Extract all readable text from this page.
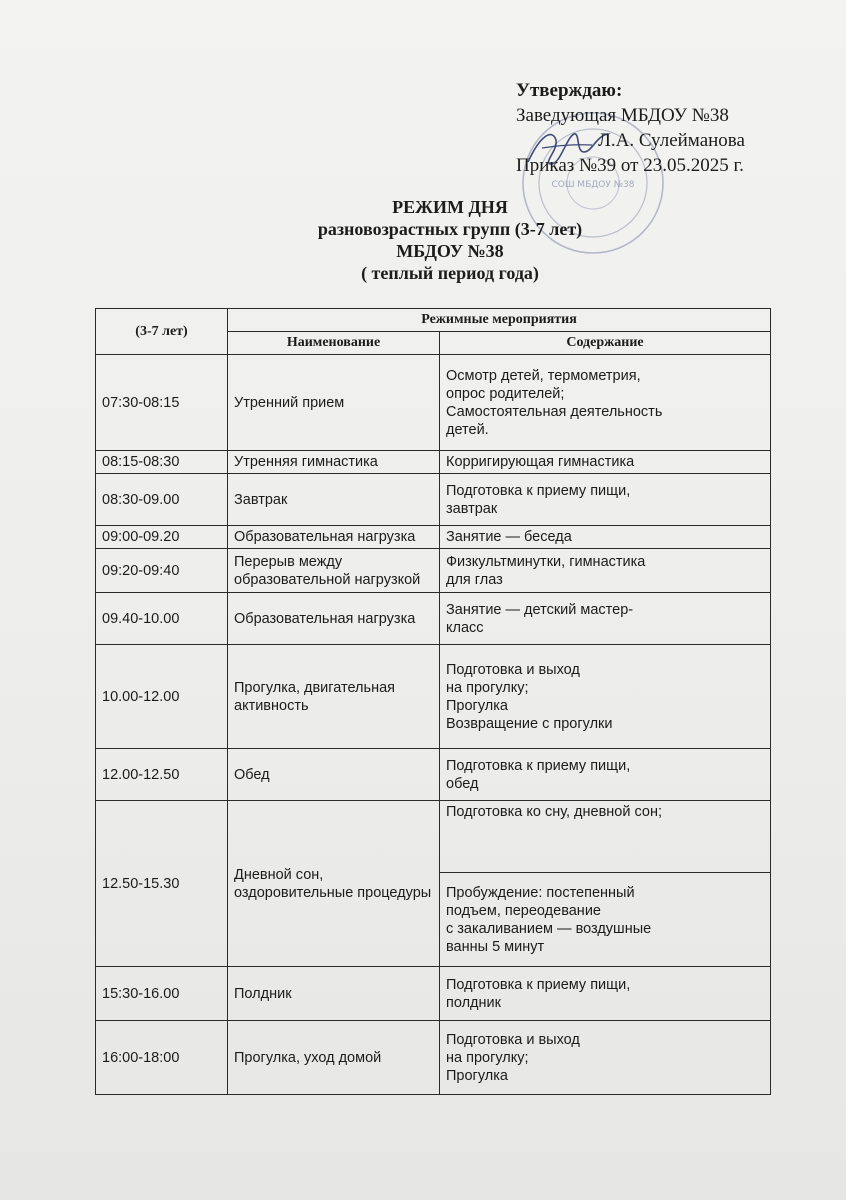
СОШ МБДОУ №38
Утверждаю:
Заведующая МБДОУ №38
Л.А. Сулейманова
Приказ №39 от 23.05.2025 г.
РЕЖИМ ДНЯ
разновозрастных групп (3-7 лет)
МБДОУ №38
( теплый период года)
(3-7 лет)	Режимные мероприятия	
	Наименование	Содержание
07:30-08:15	Утренний прием	Осмотр детей, термометрия,
опрос родителей;
Самостоятельная деятельность
детей.

08:15-08:30	Утренняя гимнастика	Корригирующая гимнастика

08:30-09.00	Завтрак	Подготовка к приему пищи,
завтрак

09:00-09.20	Образовательная нагрузка	Занятие — беседа

09:20-09:40	Перерыв между образовательной нагрузкой	Физкультминутки, гимнастика
для глаз

09.40-10.00	Образовательная нагрузка	Занятие — детский мастер-
класс

10.00-12.00	Прогулка, двигательная активность	Подготовка и выход
на прогулку;
Прогулка
Возвращение с прогулки

12.00-12.50	Обед	Подготовка к приему пищи,
обед

12.50-15.30	Дневной сон, оздоровительные процедуры	Подготовка ко сну, дневной сон;

		Пробуждение: постепенный
подъем, переодевание
с закаливанием — воздушные
ванны 5 минут

15:30-16.00	Полдник	Подготовка к приему пищи,
полдник

16:00-18:00	Прогулка, уход домой	Подготовка и выход
на прогулку;
Прогулка
